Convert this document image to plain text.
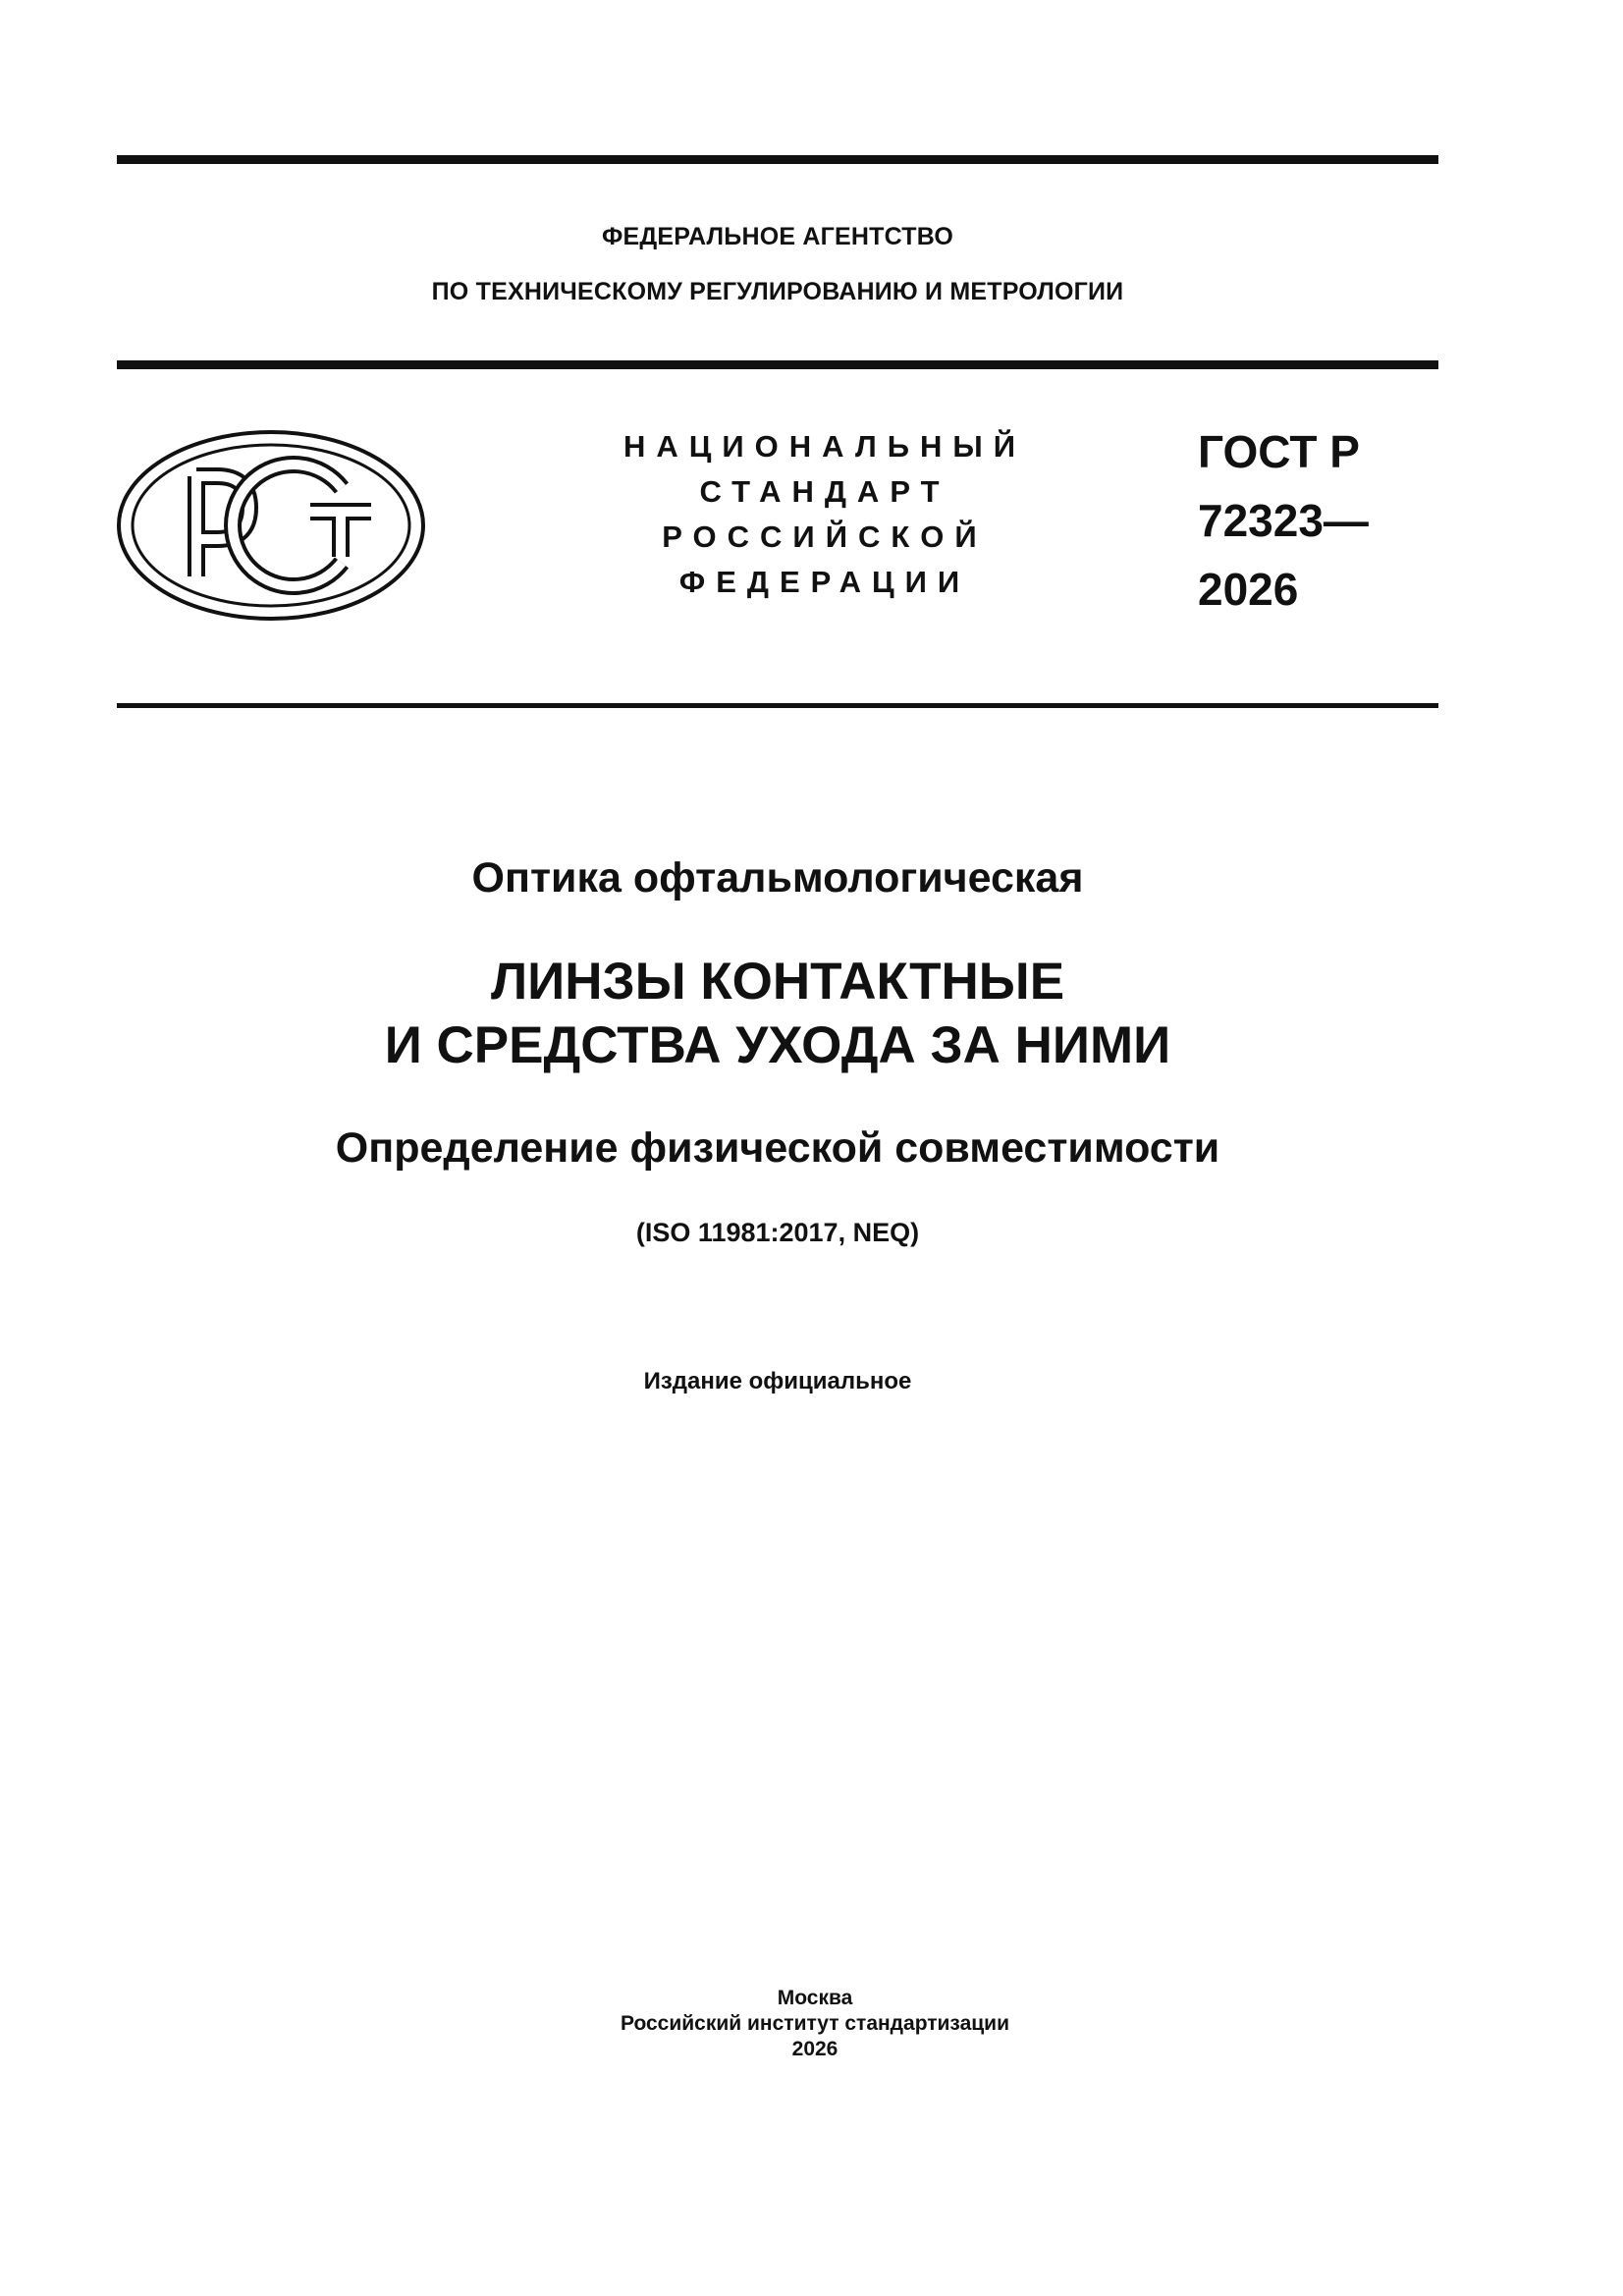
ФЕДЕРАЛЬНОЕ АГЕНТСТВО
ПО ТЕХНИЧЕСКОМУ РЕГУЛИРОВАНИЮ И МЕТРОЛОГИИ
НАЦИОНАЛЬНЫЙ
СТАНДАРТ
РОССИЙСКОЙ
ФЕДЕРАЦИИ
ГОСТ Р
72323—
2026
Оптика офтальмологическая
ЛИНЗЫ КОНТАКТНЫЕ
И СРЕДСТВА УХОДА ЗА НИМИ
Определение физической совместимости
(ISO 11981:2017, NEQ)
Издание официальное
Москва
Российский институт стандартизации
2026
